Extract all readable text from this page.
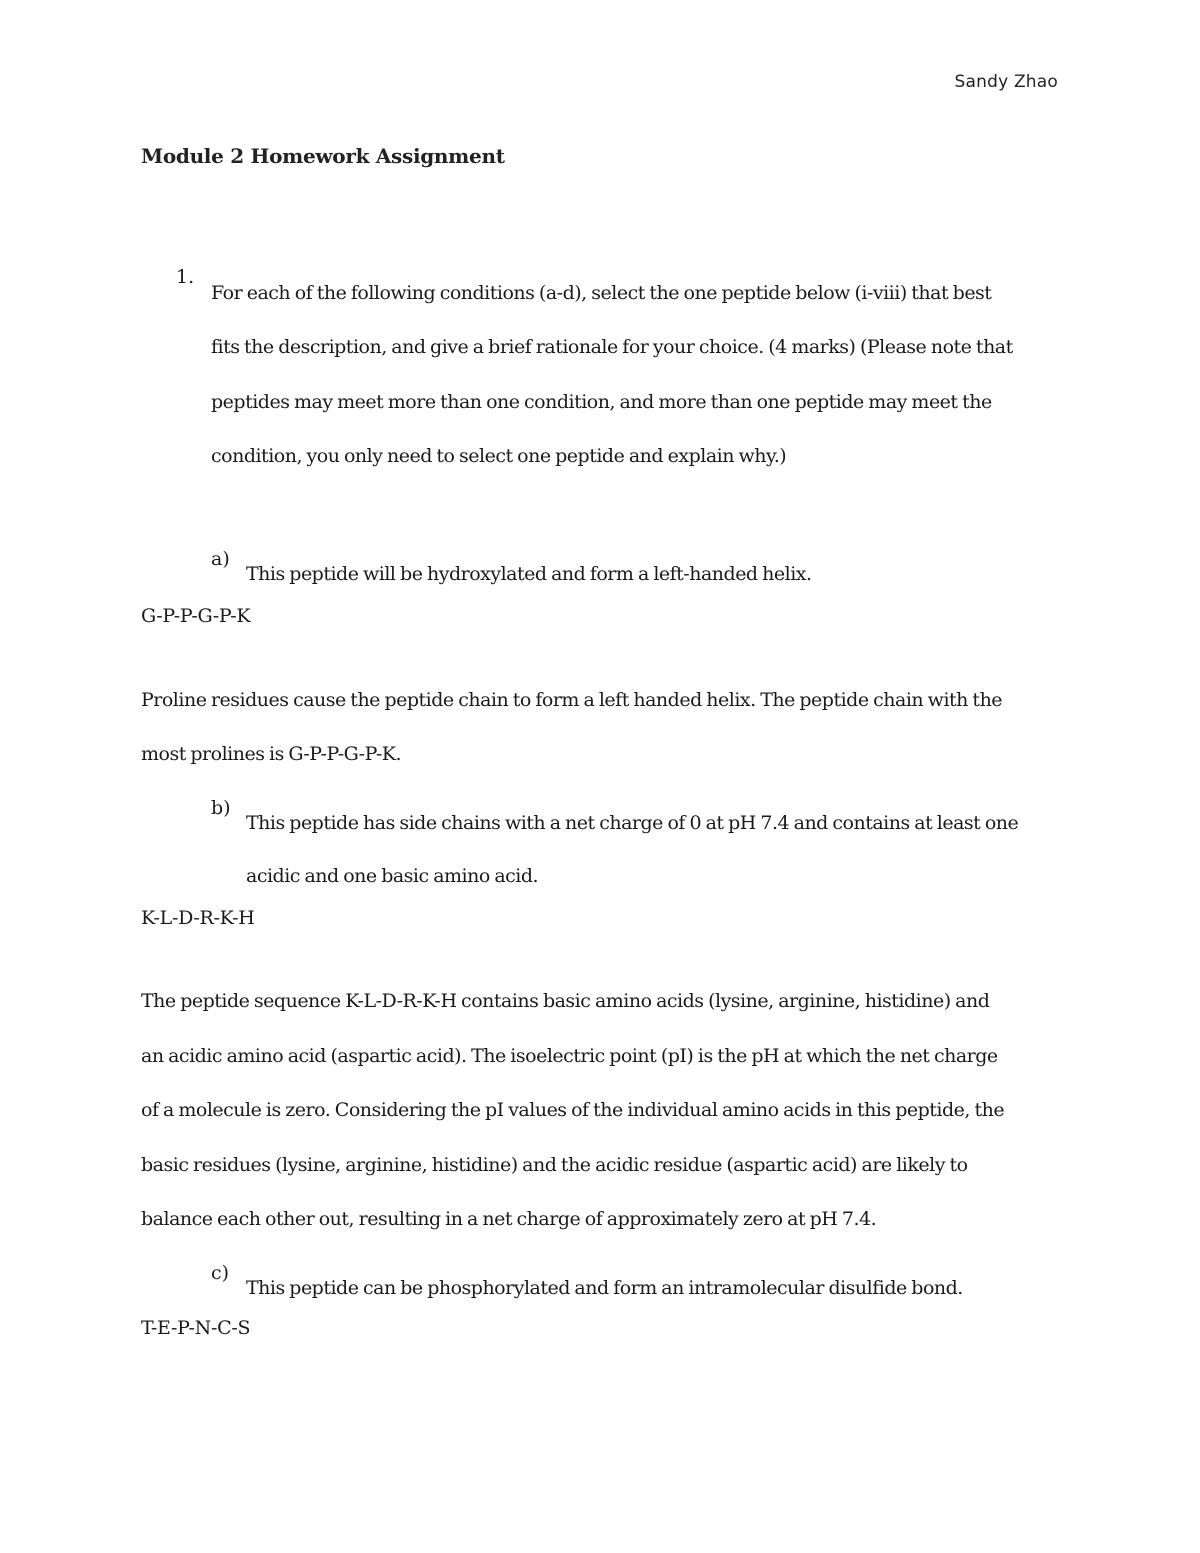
Sandy Zhao
Module 2 Homework Assignment
1.
For each of the following conditions (a-d), select the one peptide below (i-viii) that best
fits the description, and give a brief rationale for your choice. (4 marks) (Please note that
peptides may meet more than one condition, and more than one peptide may meet the
condition, you only need to select one peptide and explain why.)
a)
This peptide will be hydroxylated and form a left-handed helix.
G-P-P-G-P-K
Proline residues cause the peptide chain to form a left handed helix. The peptide chain with the
most prolines is G-P-P-G-P-K.
b)
This peptide has side chains with a net charge of 0 at pH 7.4 and contains at least one
acidic and one basic amino acid.
K-L-D-R-K-H
The peptide sequence K-L-D-R-K-H contains basic amino acids (lysine, arginine, histidine) and
an acidic amino acid (aspartic acid). The isoelectric point (pI) is the pH at which the net charge
of a molecule is zero. Considering the pI values of the individual amino acids in this peptide, the
basic residues (lysine, arginine, histidine) and the acidic residue (aspartic acid) are likely to
balance each other out, resulting in a net charge of approximately zero at pH 7.4.
c)
This peptide can be phosphorylated and form an intramolecular disulfide bond.
T-E-P-N-C-S
